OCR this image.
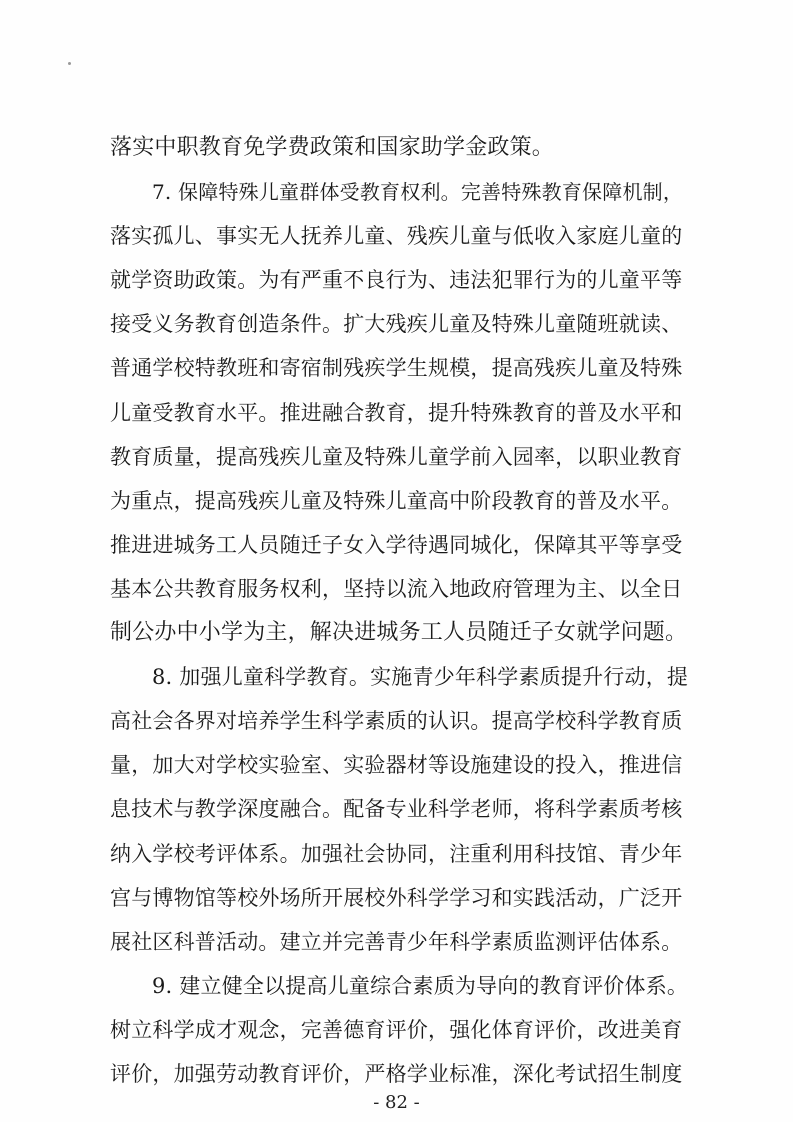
落实中职教育免学费政策和国家助学金政策。
7. 保障特殊儿童群体受教育权利。完善特殊教育保障机制，
落实孤儿、事实无人抚养儿童、残疾儿童与低收入家庭儿童的
就学资助政策。为有严重不良行为、违法犯罪行为的儿童平等
接受义务教育创造条件。扩大残疾儿童及特殊儿童随班就读、
普通学校特教班和寄宿制残疾学生规模，提高残疾儿童及特殊
儿童受教育水平。推进融合教育，提升特殊教育的普及水平和
教育质量，提高残疾儿童及特殊儿童学前入园率，以职业教育
为重点，提高残疾儿童及特殊儿童高中阶段教育的普及水平。
推进进城务工人员随迁子女入学待遇同城化，保障其平等享受
基本公共教育服务权利，坚持以流入地政府管理为主、以全日
制公办中小学为主，解决进城务工人员随迁子女就学问题。
8. 加强儿童科学教育。实施青少年科学素质提升行动，提
高社会各界对培养学生科学素质的认识。提高学校科学教育质
量，加大对学校实验室、实验器材等设施建设的投入，推进信
息技术与教学深度融合。配备专业科学老师，将科学素质考核
纳入学校考评体系。加强社会协同，注重利用科技馆、青少年
宫与博物馆等校外场所开展校外科学学习和实践活动，广泛开
展社区科普活动。建立并完善青少年科学素质监测评估体系。
9. 建立健全以提高儿童综合素质为导向的教育评价体系。
树立科学成才观念，完善德育评价，强化体育评价，改进美育
评价，加强劳动教育评价，严格学业标准，深化考试招生制度
- 82 -
